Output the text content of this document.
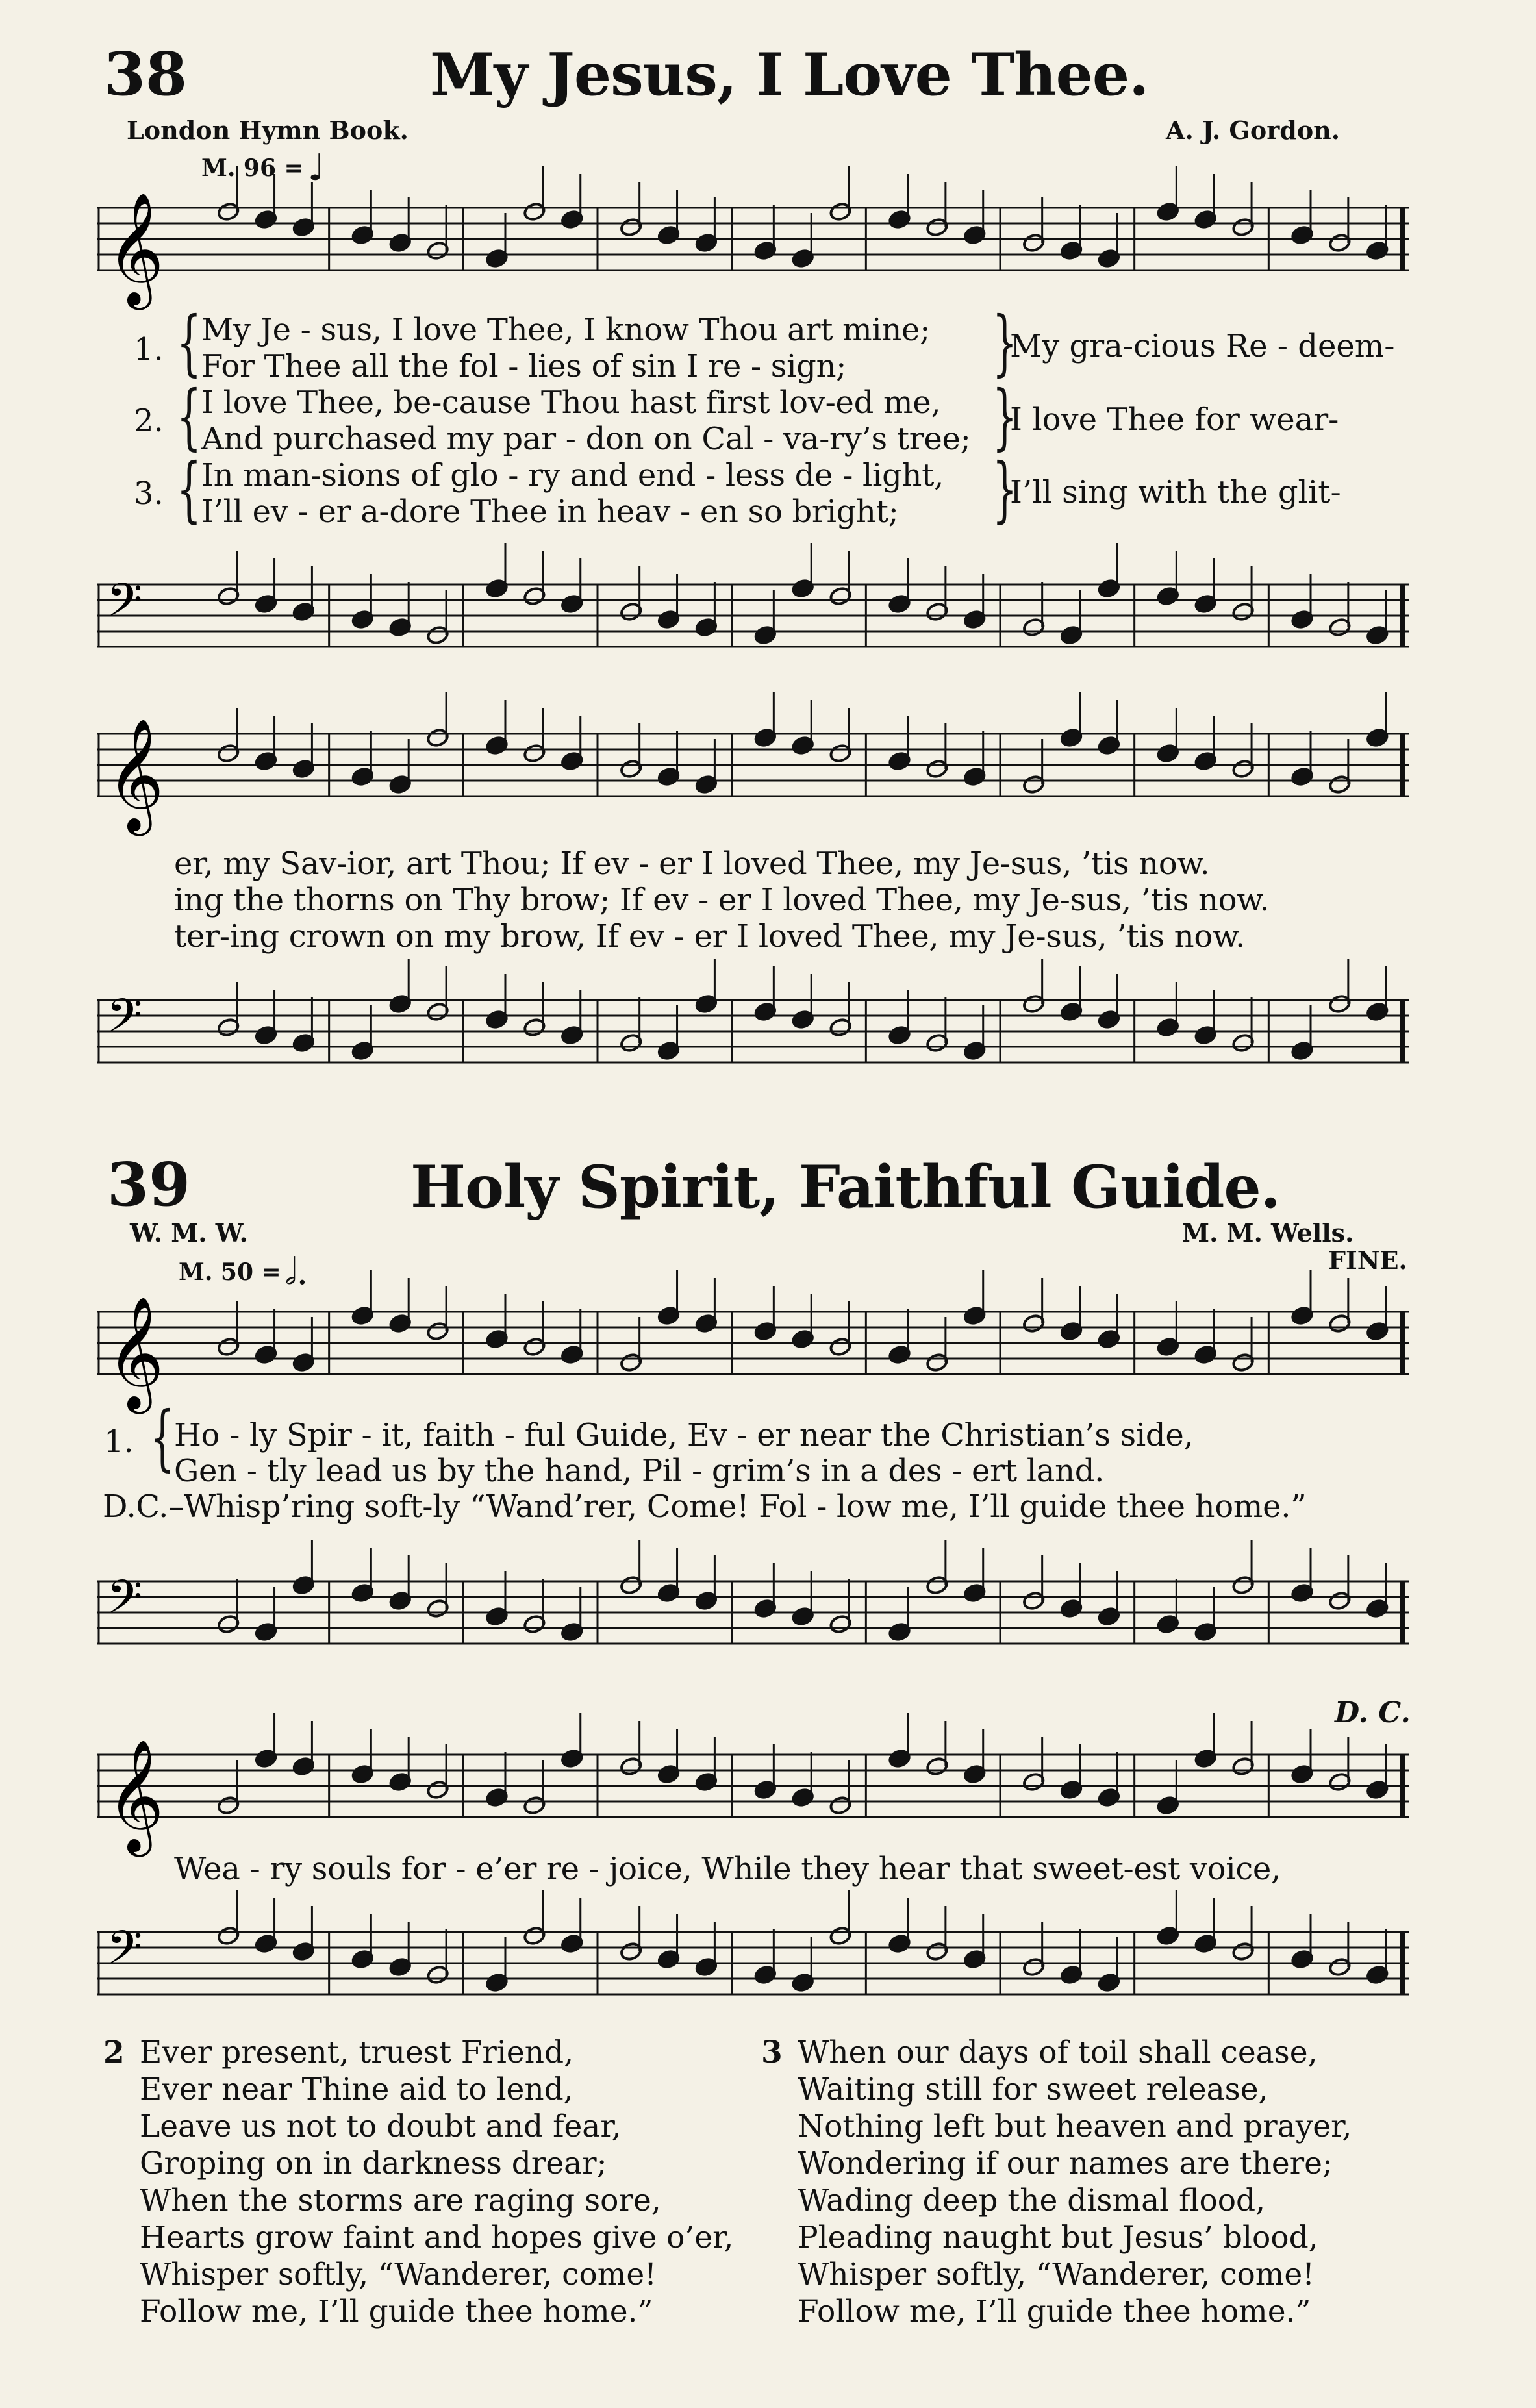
38	My Jesus, I Love Thee.
London Hymn Book.	A. J. Gordon.
M. 96 = ♩
𝄞
𝄢
1. { My Je - sus, I love Thee, I know Thou art mine;
For Thee all the fol - lies of sin I re - sign; }
My gra-cious Re - deem-
2. { I love Thee, be-cause Thou hast first lov-ed me,
And purchased my par - don on Cal - va-ry’s tree; }
I love Thee for wear-
3. { In man-sions of glo - ry and end - less de - light,
I’ll ev - er a-dore Thee in heav - en so bright; }
I’ll sing with the glit-
𝄞
er, my Sav-ior, art Thou; If ev - er I loved Thee, my Je-sus, ’tis now.
ing the thorns on Thy brow; If ev - er I loved Thee, my Je-sus, ’tis now.
ter-ing crown on my brow, If ev - er I loved Thee, my Je-sus, ’tis now.
𝄢
39	Holy Spirit, Faithful Guide.
W. M. W.	M. M. Wells.
M. 50 = 𝅗𝅥.	FINE.
𝄞
1. {
Ho - ly Spir - it, faith - ful Guide, Ev - er near the Christian’s side,
Gen - tly lead us by the hand, Pil - grim’s in a des - ert land.
D.C.–Whisp’ring soft-ly “Wand’rer, Come! Fol - low me, I’ll guide thee home.”
𝄢
D. C.
𝄞
Wea - ry souls for - e’er re - joice, While they hear that sweet-est voice,
𝄢
2 Ever present, truest Friend,
Ever near Thine aid to lend,
Leave us not to doubt and fear,
Groping on in darkness drear;
When the storms are raging sore,
Hearts grow faint and hopes give o’er,
Whisper softly, “Wanderer, come!
Follow me, I’ll guide thee home.”
3 When our days of toil shall cease,
Waiting still for sweet release,
Nothing left but heaven and prayer,
Wondering if our names are there;
Wading deep the dismal flood,
Pleading naught but Jesus’ blood,
Whisper softly, “Wanderer, come!
Follow me, I’ll guide thee home.”
